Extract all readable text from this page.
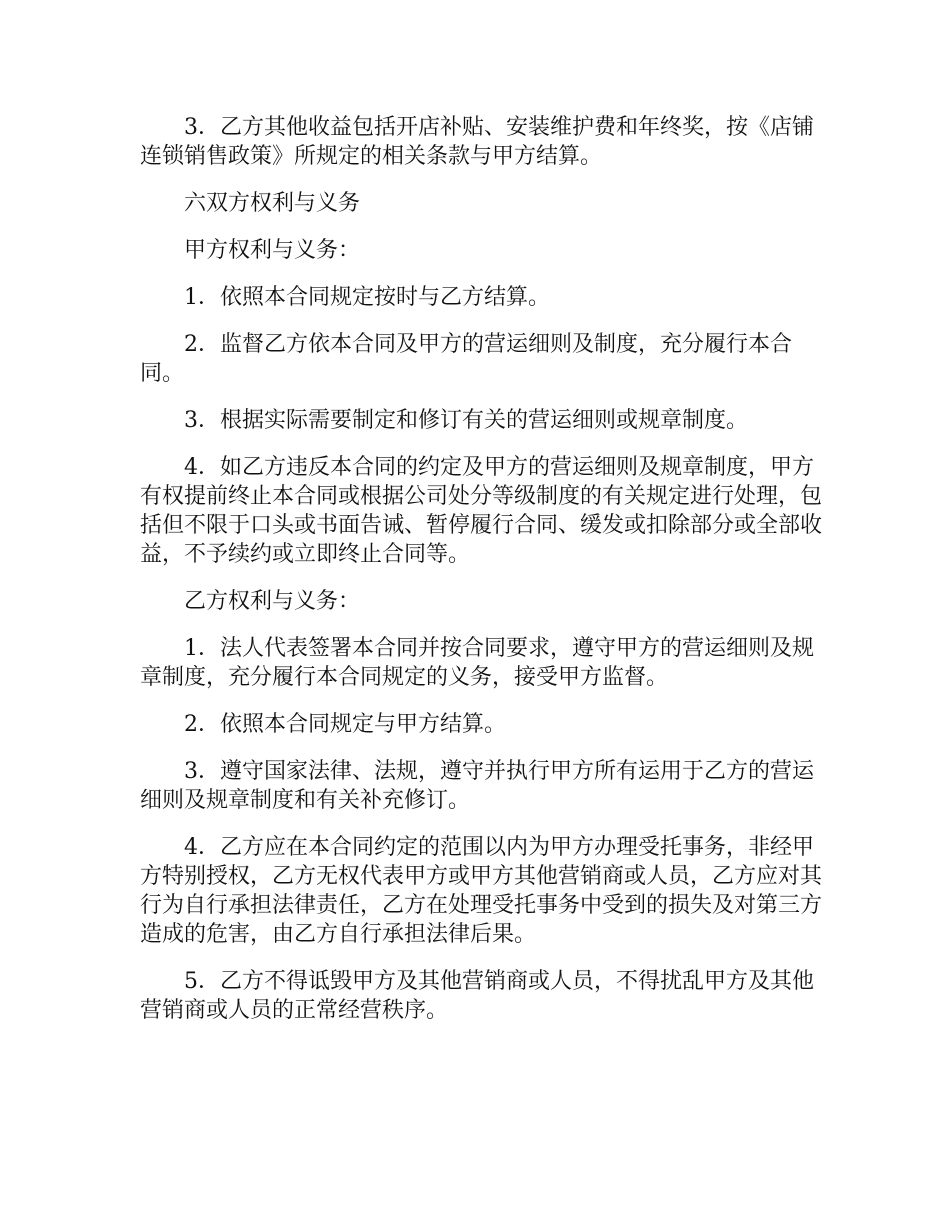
3．乙方其他收益包括开店补贴、安装维护费和年终奖，按《店铺连锁销售政策》所规定的相关条款与甲方结算。

六双方权利与义务

甲方权利与义务：

1．依照本合同规定按时与乙方结算。

2．监督乙方依本合同及甲方的营运细则及制度，充分履行本合同。

3．根据实际需要制定和修订有关的营运细则或规章制度。

4．如乙方违反本合同的约定及甲方的营运细则及规章制度，甲方有权提前终止本合同或根据公司处分等级制度的有关规定进行处理，包括但不限于口头或书面告诫、暂停履行合同、缓发或扣除部分或全部收益，不予续约或立即终止合同等。

乙方权利与义务：

1．法人代表签署本合同并按合同要求，遵守甲方的营运细则及规章制度，充分履行本合同规定的义务，接受甲方监督。

2．依照本合同规定与甲方结算。

3．遵守国家法律、法规，遵守并执行甲方所有运用于乙方的营运细则及规章制度和有关补充修订。

4．乙方应在本合同约定的范围以内为甲方办理受托事务，非经甲方特别授权，乙方无权代表甲方或甲方其他营销商或人员，乙方应对其行为自行承担法律责任，乙方在处理受托事务中受到的损失及对第三方造成的危害，由乙方自行承担法律后果。

5．乙方不得诋毁甲方及其他营销商或人员，不得扰乱甲方及其他营销商或人员的正常经营秩序。
